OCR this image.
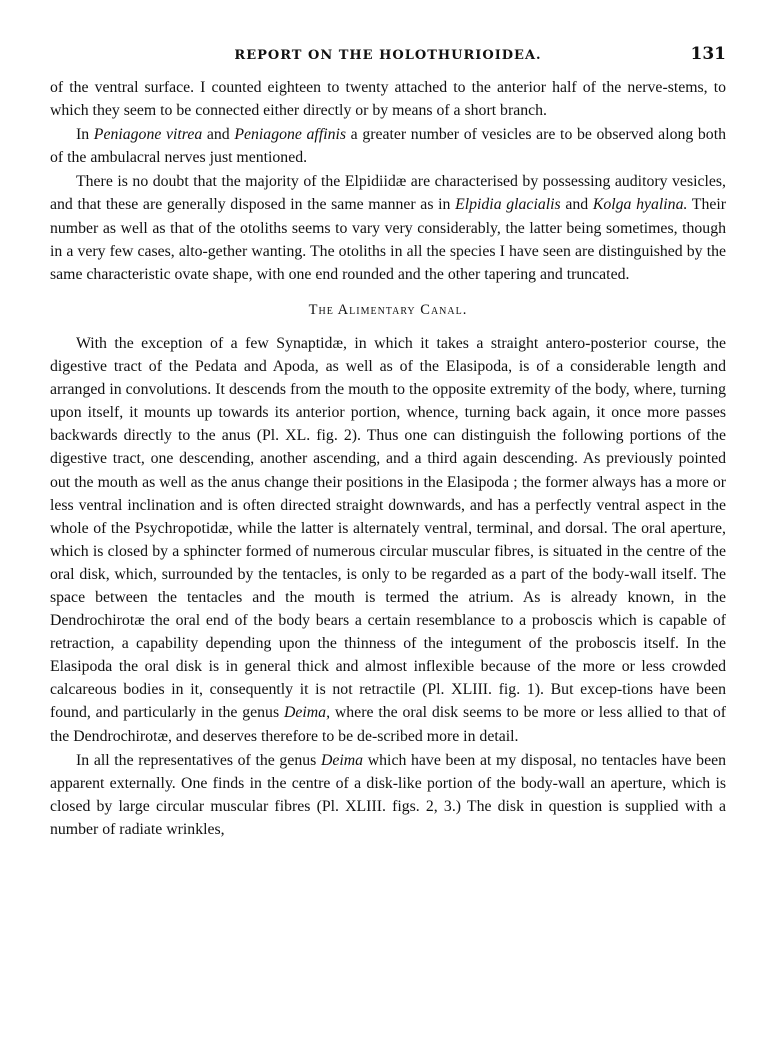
REPORT ON THE HOLOTHURIOIDEA.	131

of the ventral surface. I counted eighteen to twenty attached to the anterior half of the nerve-stems, to which they seem to be connected either directly or by means of a short branch.

In Peniagone vitrea and Peniagone affinis a greater number of vesicles are to be observed along both of the ambulacral nerves just mentioned.

There is no doubt that the majority of the Elpidiidæ are characterised by possessing auditory vesicles, and that these are generally disposed in the same manner as in Elpidia glacialis and Kolga hyalina. Their number as well as that of the otoliths seems to vary very considerably, the latter being sometimes, though in a very few cases, alto-gether wanting. The otoliths in all the species I have seen are distinguished by the same characteristic ovate shape, with one end rounded and the other tapering and truncated.

The Alimentary Canal.

With the exception of a few Synaptidæ, in which it takes a straight antero-posterior course, the digestive tract of the Pedata and Apoda, as well as of the Elasipoda, is of a considerable length and arranged in convolutions. It descends from the mouth to the opposite extremity of the body, where, turning upon itself, it mounts up towards its anterior portion, whence, turning back again, it once more passes backwards directly to the anus (Pl. XL. fig. 2). Thus one can distinguish the following portions of the digestive tract, one descending, another ascending, and a third again descending. As previously pointed out the mouth as well as the anus change their positions in the Elasipoda ; the former always has a more or less ventral inclination and is often directed straight downwards, and has a perfectly ventral aspect in the whole of the Psychropotidæ, while the latter is alternately ventral, terminal, and dorsal. The oral aperture, which is closed by a sphincter formed of numerous circular muscular fibres, is situated in the centre of the oral disk, which, surrounded by the tentacles, is only to be regarded as a part of the body-wall itself. The space between the tentacles and the mouth is termed the atrium. As is already known, in the Dendrochirotæ the oral end of the body bears a certain resemblance to a proboscis which is capable of retraction, a capability depending upon the thinness of the integument of the proboscis itself. In the Elasipoda the oral disk is in general thick and almost inflexible because of the more or less crowded calcareous bodies in it, consequently it is not retractile (Pl. XLIII. fig. 1). But excep-tions have been found, and particularly in the genus Deima, where the oral disk seems to be more or less allied to that of the Dendrochirotæ, and deserves therefore to be de-scribed more in detail.

In all the representatives of the genus Deima which have been at my disposal, no tentacles have been apparent externally. One finds in the centre of a disk-like portion of the body-wall an aperture, which is closed by large circular muscular fibres (Pl. XLIII. figs. 2, 3.) The disk in question is supplied with a number of radiate wrinkles,
